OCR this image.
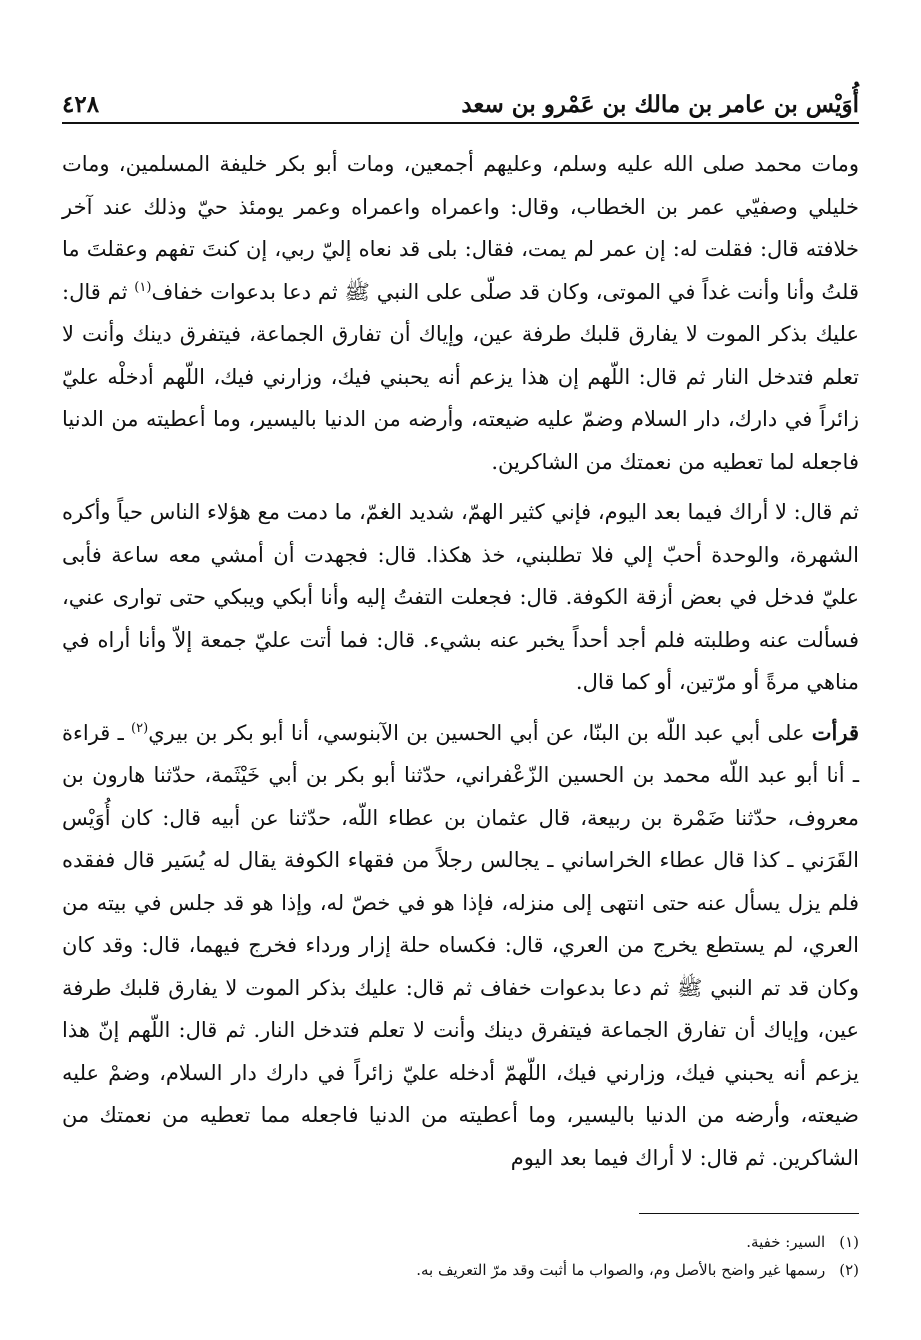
أُوَيْس بن عامر بن مالك بن عَمْرو بن سعد
٤٢٨

ومات محمد صلى الله عليه وسلم، وعليهم أجمعين، ومات أبو بكر خليفة المسلمين، ومات خليلي وصفيّي عمر بن الخطاب، وقال: واعمراه واعمراه وعمر يومئذ حيّ وذلك عند آخر خلافته قال: فقلت له: إن عمر لم يمت، فقال: بلى قد نعاه إليّ ربي، إن كنتَ تفهم وعقلتَ ما قلتُ وأنا وأنت غداً في الموتى، وكان قد صلّى على النبي ﷺ ثم دعا بدعوات خفاف$^{(١)}$ ثم قال: عليك بذكر الموت لا يفارق قلبك طرفة عين، وإياك أن تفارق الجماعة، فيتفرق دينك وأنت لا تعلم فتدخل النار ثم قال: اللّهم إن هذا يزعم أنه يحبني فيك، وزارني فيك، اللّهم أدخلْه عليّ زائراً في دارك، دار السلام وضمّ عليه ضيعته، وأرضه من الدنيا باليسير، وما أعطيته من الدنيا فاجعله لما تعطيه من نعمتك من الشاكرين.

ثم قال: لا أراك فيما بعد اليوم، فإني كثير الهمّ، شديد الغمّ، ما دمت مع هؤلاء الناس حياً وأكره الشهرة، والوحدة أحبّ إلي فلا تطلبني، خذ هكذا. قال: فجهدت أن أمشي معه ساعة فأبى عليّ فدخل في بعض أزقة الكوفة. قال: فجعلت التفتُ إليه وأنا أبكي ويبكي حتى توارى عني، فسألت عنه وطلبته فلم أجد أحداً يخبر عنه بشيء. قال: فما أتت عليّ جمعة إلاّ وأنا أراه في مناهي مرةً أو مرّتين، أو كما قال.

قرأت على أبي عبد اللّه بن البنّا، عن أبي الحسين بن الآبنوسي، أنا أبو بكر بن بيري$^{(٢)}$ ـ قراءة ـ أنا أبو عبد اللّه محمد بن الحسين الزّعْفراني، حدّثنا أبو بكر بن أبي خَيْثَمة، حدّثنا هارون بن معروف، حدّثنا ضَمْرة بن ربيعة، قال عثمان بن عطاء اللّه، حدّثنا عن أبيه قال: كان أُوَيْس القَرَني ـ كذا قال عطاء الخراساني ـ يجالس رجلاً من فقهاء الكوفة يقال له يُسَير قال ففقده فلم يزل يسأل عنه حتى انتهى إلى منزله، فإذا هو في خصّ له، وإذا هو قد جلس في بيته من العري، لم يستطع يخرج من العري، قال: فكساه حلة إزار ورداء فخرج فيهما، قال: وقد كان وكان قد تم النبي ﷺ ثم دعا بدعوات خفاف ثم قال: عليك بذكر الموت لا يفارق قلبك طرفة عين، وإياك أن تفارق الجماعة فيتفرق دينك وأنت لا تعلم فتدخل النار. ثم قال: اللّهم إنّ هذا يزعم أنه يحبني فيك، وزارني فيك، اللّهمّ أدخله عليّ زائراً في دارك دار السلام، وضمْ عليه ضيعته، وأرضه من الدنيا باليسير، وما أعطيته من الدنيا فاجعله مما تعطيه من نعمتك من الشاكرين. ثم قال: لا أراك فيما بعد اليوم

(١)
السير: خفية.
(٢)
رسمها غير واضح بالأصل وم، والصواب ما أثبت وقد مرّ التعريف به.
